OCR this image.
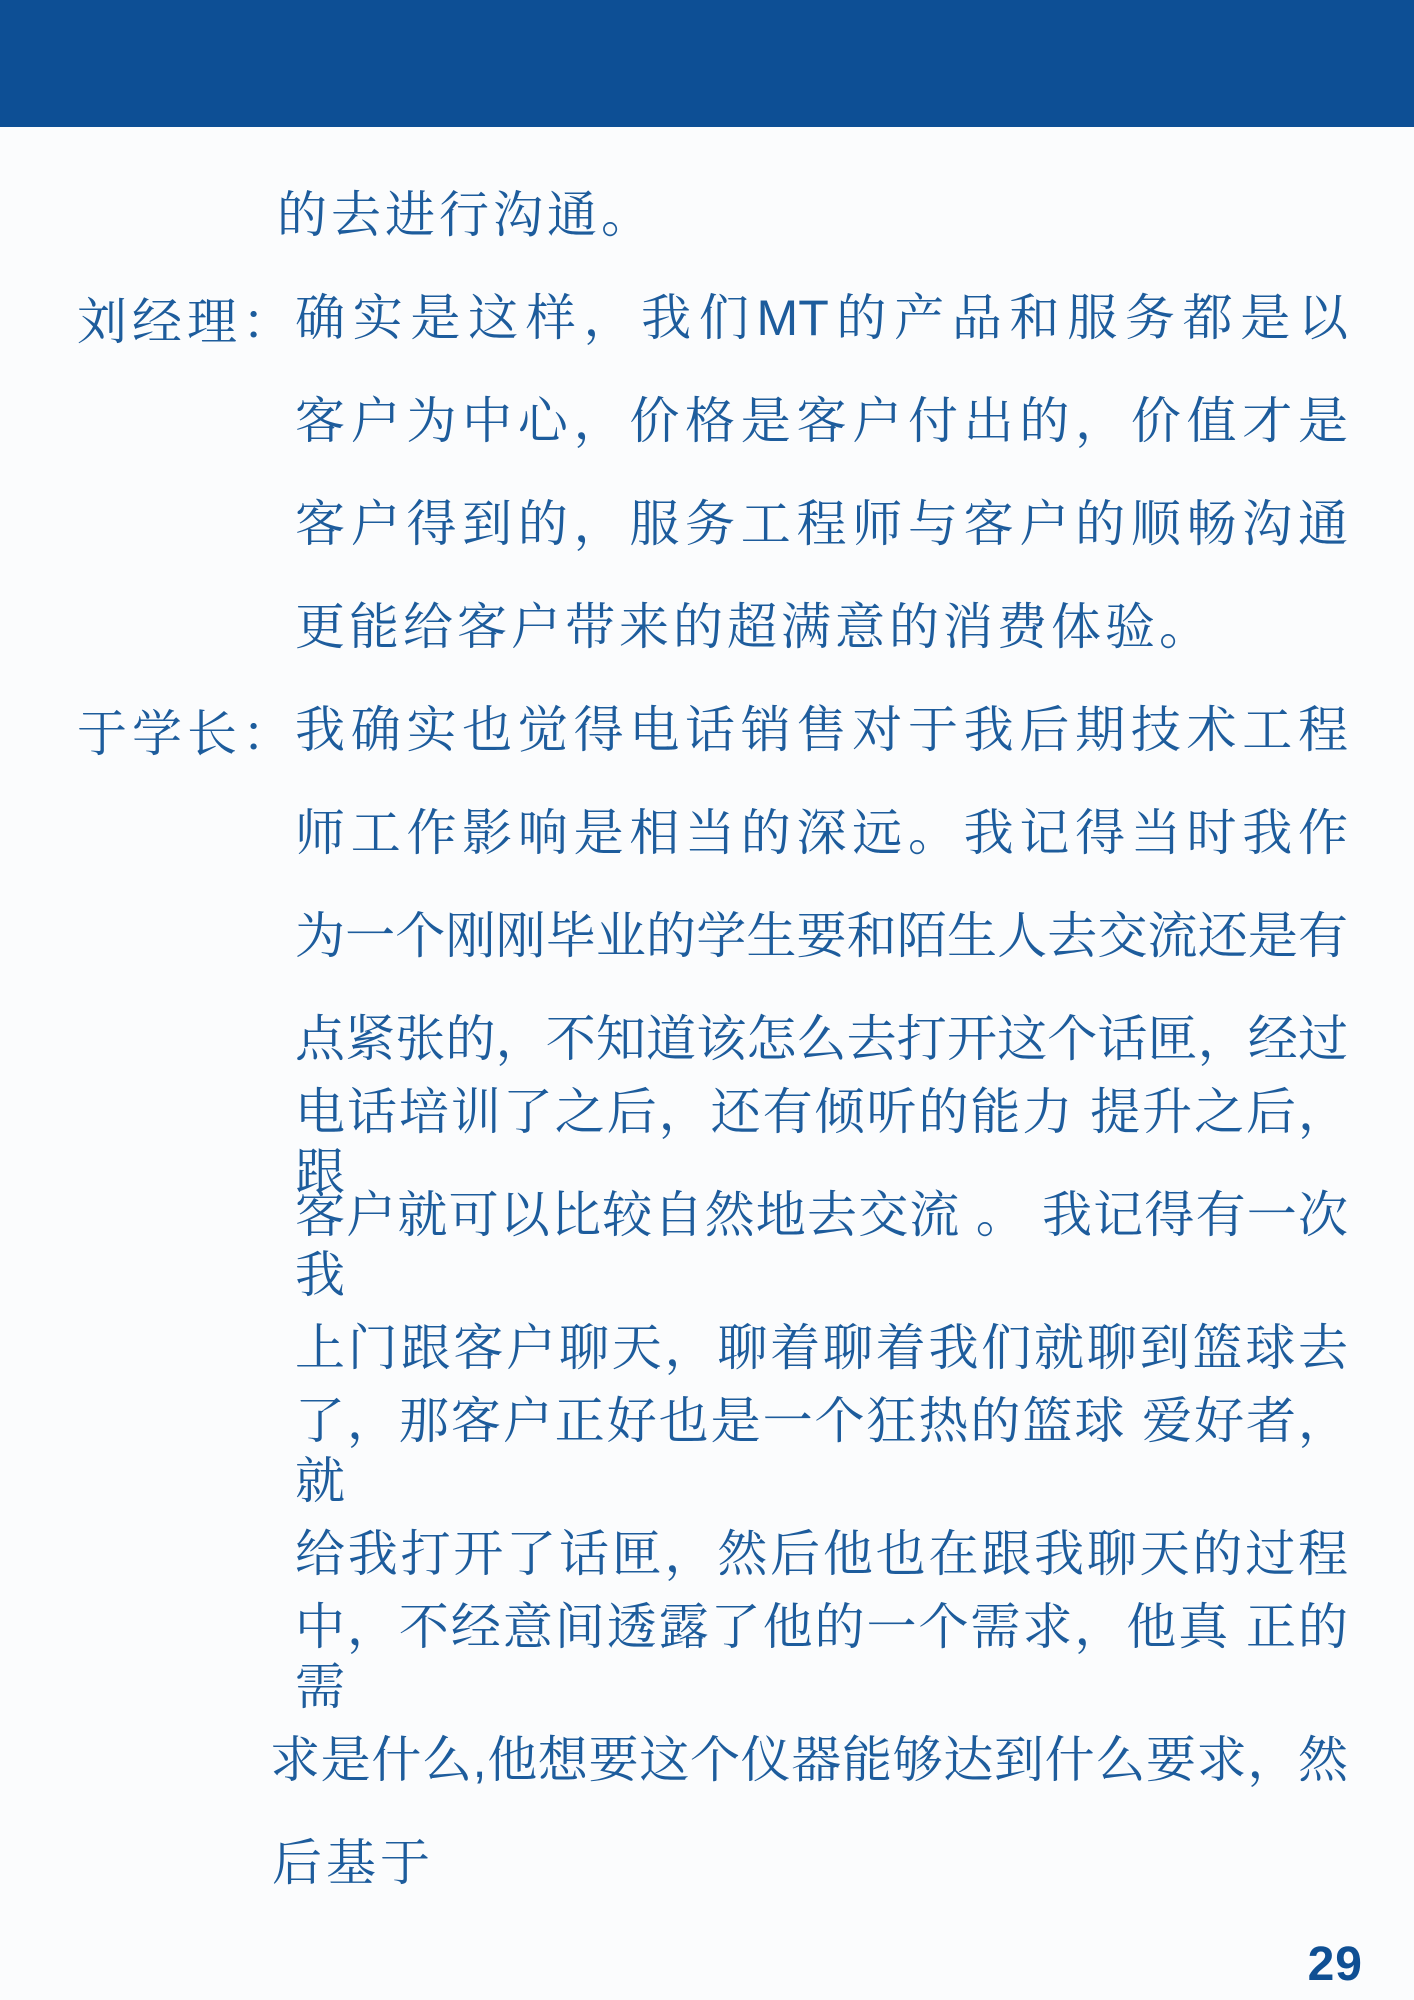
的去进行沟通。
刘经理：
确实是这样，我们MT的产品和服务都是以
客户为中心，价格是客户付出的，价值才是
客户得到的，服务工程师与客户的顺畅沟通
更能给客户带来的超满意的消费体验。
于学长：
我确实也觉得电话销售对于我后期技术工程
师工作影响是相当的深远。我记得当时我作
为一个刚刚毕业的学生要和陌生人去交流还是有
点紧张的，不知道该怎么去打开这个话匣，经过
电话培训了之后，还有倾听的能力 提升之后，跟
客户就可以比较自然地去交流 。 我记得有一次我
上门跟客户聊天，聊着聊着我们就聊到篮球去
了，那客户正好也是一个狂热的篮球 爱好者，就
给我打开了话匣，然后他也在跟我聊天的过程
中，不经意间透露了他的一个需求，他真 正的需
求是什么,他想要这个仪器能够达到什么要求，然
后基于
29
